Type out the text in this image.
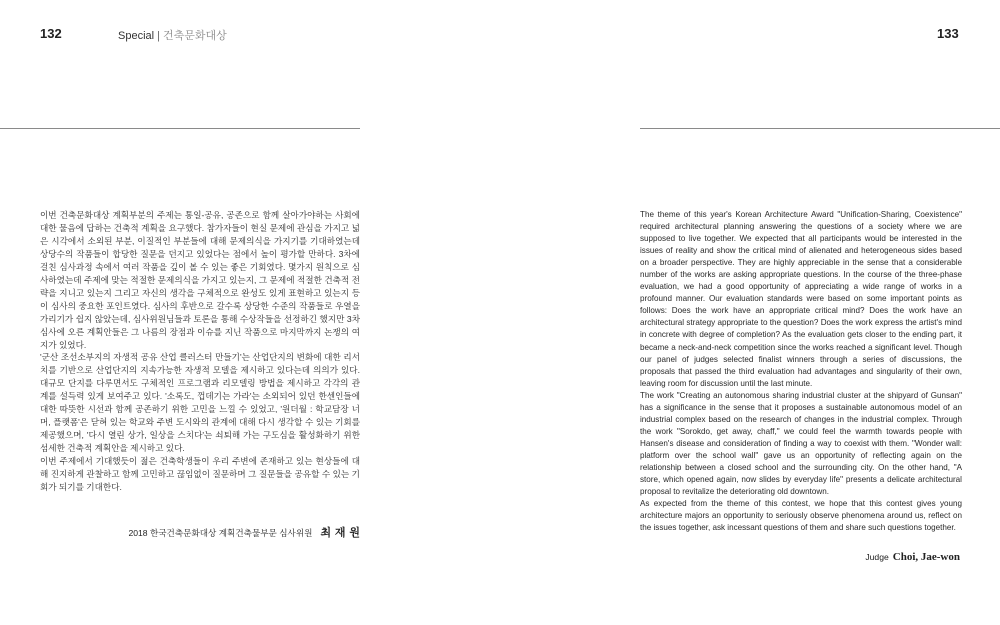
132	Special | 건축문화대상	133

이번 건축문화대상 계획부분의 주제는 통일-공유, 공존으로 함께 살아가야하는 사회에 대한 물음에 답하는 건축적 계획을 요구했다. 참가자들이 현실 문제에 관심을 가지고 넓은 시각에서 소외된 부분, 이질적인 부분들에 대해 문제의식을 가지기를 기대하였는데 상당수의 작품들이 합당한 질문을 던지고 있었다는 점에서 높이 평가할 만하다. 3차에 걸친 심사과정 속에서 여러 작품을 깊이 볼 수 있는 좋은 기회였다. 몇가지 원칙으로 심사하였는데 주제에 맞는 적절한 문제의식을 가지고 있는지, 그 문제에 적절한 건축적 전략을 지니고 있는지 그리고 자신의 생각을 구체적으로 완성도 있게 표현하고 있는지 등이 심사의 중요한 포인트였다. 심사의 후반으로 갈수록 상당한 수준의 작품들로 우열을 가리기가 쉽지 않았는데, 심사위원님들과 토론을 통해 수상작들을 선정하긴 했지만 3차심사에 오른 계획안들은 그 나름의 장점과 이슈를 지닌 작품으로 마지막까지 논쟁의 여지가 있었다.

'군산 조선소부지의 자생적 공유 산업 클러스터 만들기'는 산업단지의 변화에 대한 리서치를 기반으로 산업단지의 지속가능한 자생적 모델을 제시하고 있다는데 의의가 있다. 대규모 단지를 다루면서도 구체적인 프로그램과 리모델링 방법을 제시하고 각각의 관계를 설득력 있게 보여주고 있다. '소록도, 껍데기는 가라'는 소외되어 있던 한센인들에 대한 따뜻한 시선과 함께 공존하기 위한 고민을 느낄 수 있었고, '원더월 : 학교담장 너머, 플랫폼'은 닫혀 있는 학교와 주변 도시와의 관계에 대해 다시 생각할 수 있는 기회를 제공했으며, '다시 열린 상가, 일상을 스치다'는 쇠퇴해 가는 구도심을 활성화하기 위한 섬세한 건축적 계획안을 제시하고 있다.

이번 주제에서 기대했듯이 젊은 건축학생들이 우리 주변에 존재하고 있는 현상들에 대해 진지하게 관찰하고 함께 고민하고 끊임없이 질문하며 그 질문들을 공유할 수 있는 기회가 되기를 기대한다.

2018 한국건축문화대상 계획건축물부문 심사위원 최 재 원

The theme of this year's Korean Architecture Award "Unification-Sharing, Coexistence" required architectural planning answering the questions of a society where we are supposed to live together. We expected that all participants would be interested in the issues of reality and show the critical mind of alienated and heterogeneous sides based on a broader perspective. They are highly appreciable in the sense that a considerable number of the works are asking appropriate questions. In the course of the three-phase evaluation, we had a good opportunity of appreciating a wide range of works in a profound manner. Our evaluation standards were based on some important points as follows: Does the work have an appropriate critical mind? Does the work have an architectural strategy appropriate to the question? Does the work express the artist's mind in concrete with degree of completion? As the evaluation gets closer to the ending part, it became a neck-and-neck competition since the works reached a significant level. Though our panel of judges selected finalist winners through a series of discussions, the proposals that passed the third evaluation had advantages and singularity of their own, leaving room for discussion until the last minute.

The work "Creating an autonomous sharing industrial cluster at the shipyard of Gunsan" has a significance in the sense that it proposes a sustainable autonomous model of an industrial complex based on the research of changes in the industrial complex. Through the work "Sorokdo, get away, chaff," we could feel the warmth towards people with Hansen's disease and consideration of finding a way to coexist with them. "Wonder wall: platform over the school wall" gave us an opportunity of reflecting again on the relationship between a closed school and the surrounding city. On the other hand, "A store, which opened again, now slides by everyday life" presents a delicate architectural proposal to revitalize the deteriorating old downtown.

As expected from the theme of this contest, we hope that this contest gives young architecture majors an opportunity to seriously observe phenomena around us, reflect on the issues together, ask incessant questions of them and share such questions together.

Judge Choi, Jae-won
